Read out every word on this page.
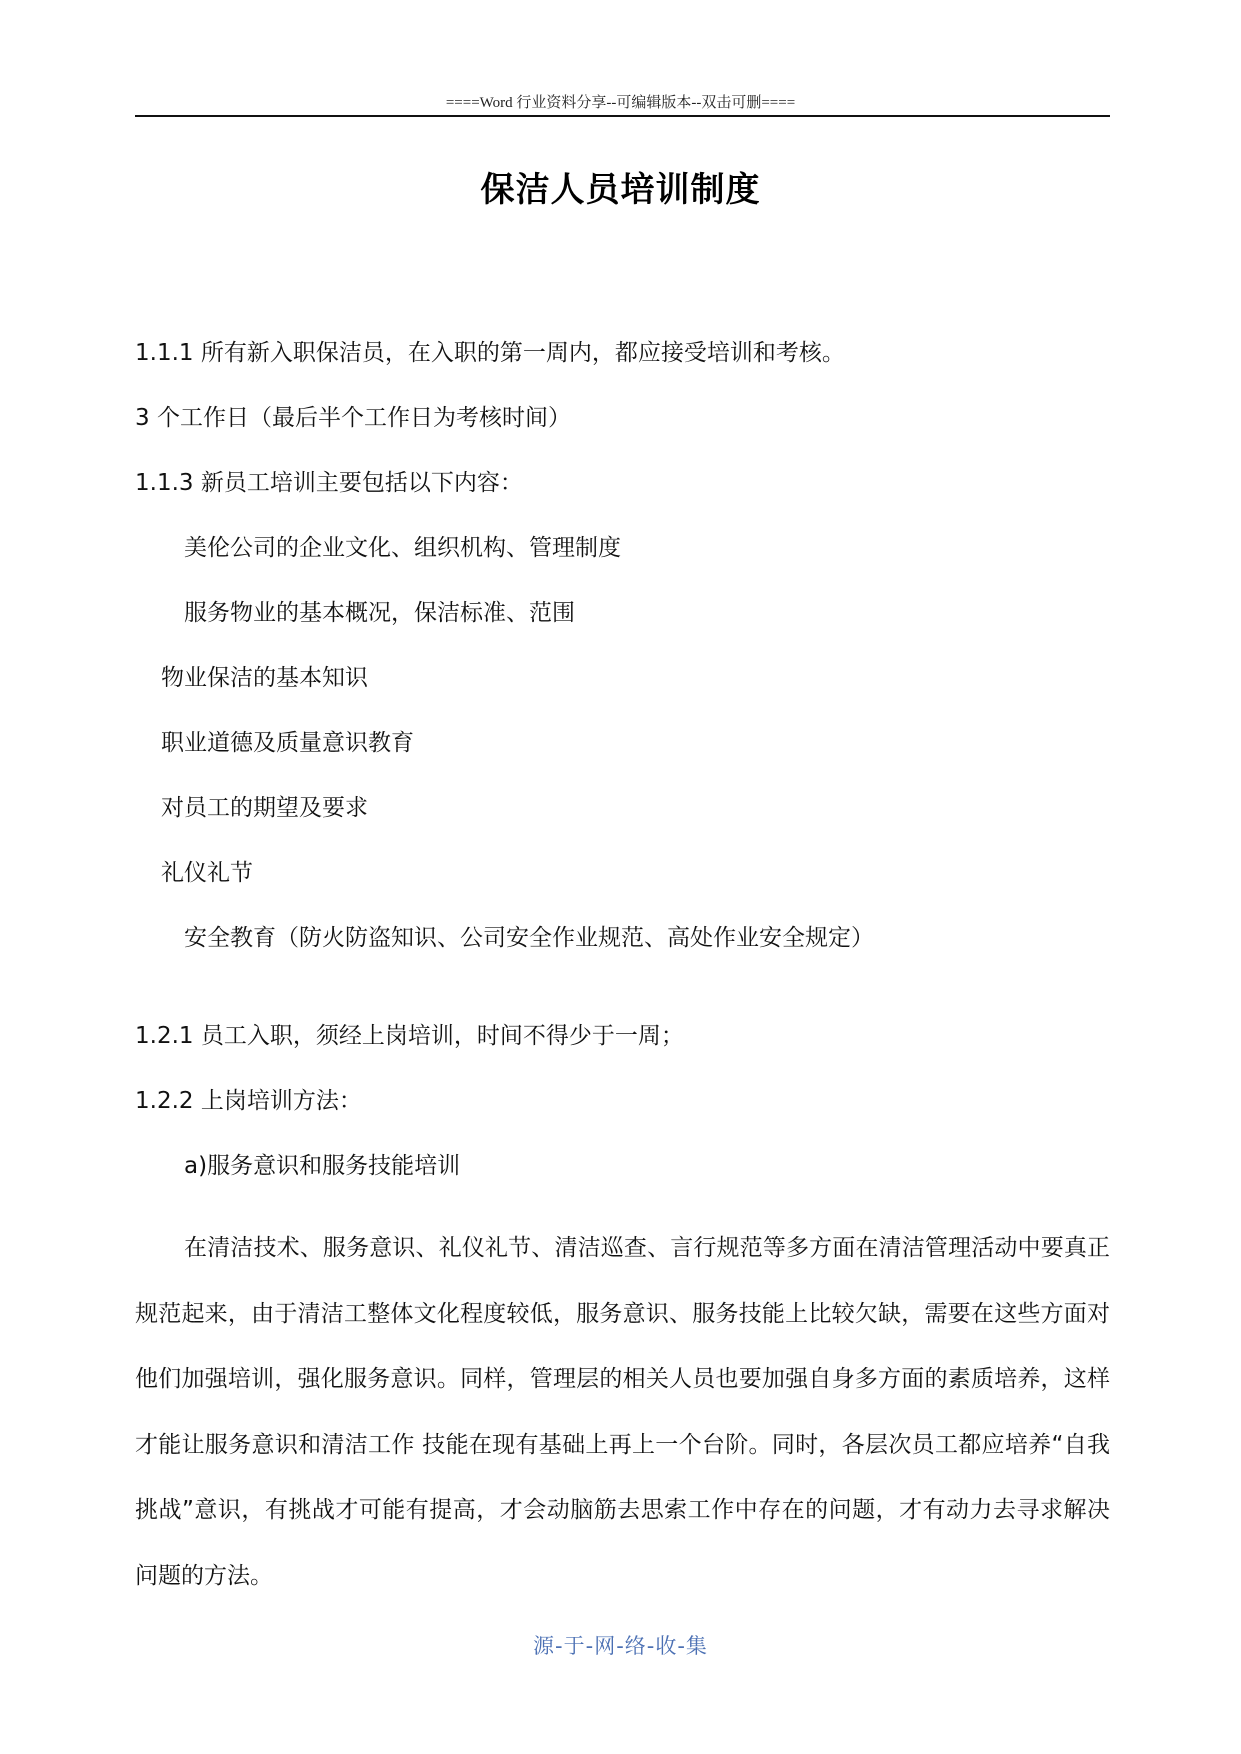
====Word 行业资料分享--可编辑版本--双击可删====
保洁人员培训制度
1.1.1 所有新入职保洁员，在入职的第一周内，都应接受培训和考核。
3 个工作日（最后半个工作日为考核时间）
1.1.3 新员工培训主要包括以下内容：
美伦公司的企业文化、组织机构、管理制度
服务物业的基本概况，保洁标准、范围
物业保洁的基本知识
职业道德及质量意识教育
对员工的期望及要求
礼仪礼节
安全教育（防火防盗知识、公司安全作业规范、高处作业安全规定）
1.2.1 员工入职，须经上岗培训，时间不得少于一周；
1.2.2 上岗培训方法：
a)服务意识和服务技能培训
在清洁技术、服务意识、礼仪礼节、清洁巡查、言行规范等多方面在清洁管理活动中要真正规范起来，由于清洁工整体文化程度较低，服务意识、服务技能上比较欠缺，需要在这些方面对他们加强培训，强化服务意识。同样，管理层的相关人员也要加强自身多方面的素质培养，这样才能让服务意识和清洁工作 技能在现有基础上再上一个台阶。同时，各层次员工都应培养“自我挑战”意识，有挑战才可能有提高，才会动脑筋去思索工作中存在的问题，才有动力去寻求解决问题的方法。
源-于-网-络-收-集
